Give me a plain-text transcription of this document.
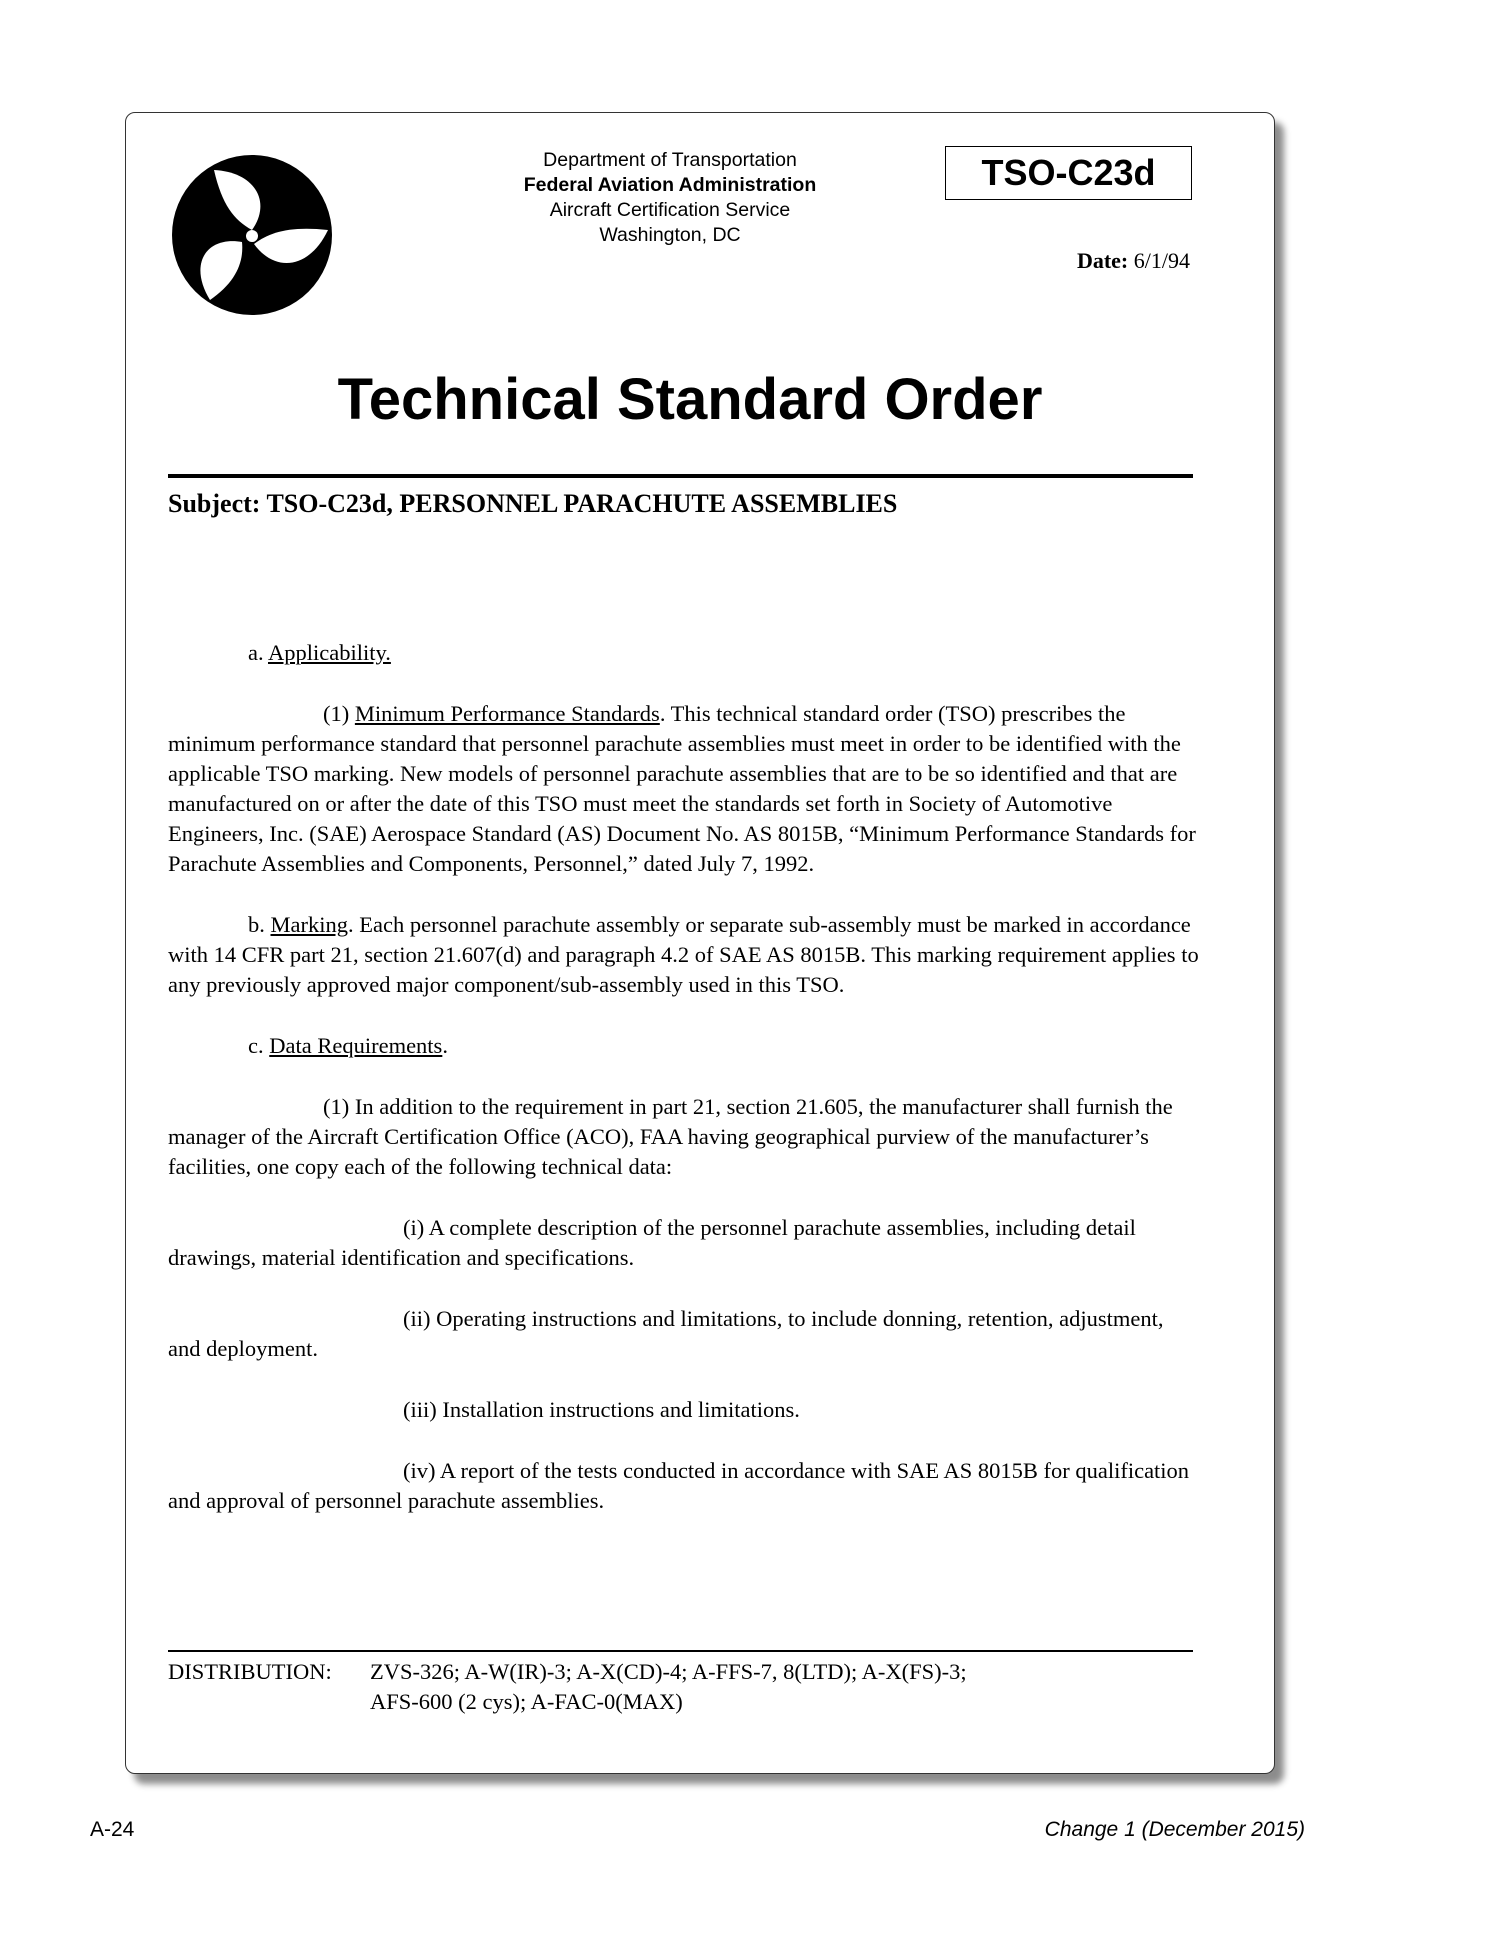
Department of Transportation
Federal Aviation Administration
Aircraft Certification Service
Washington, DC
TSO-C23d
Date: 6/1/94
Technical Standard Order
Subject: TSO-C23d, PERSONNEL PARACHUTE ASSEMBLIES

a. Applicability.

(1) Minimum Performance Standards. This technical standard order (TSO) prescribes the minimum performance standard that personnel parachute assemblies must meet in order to be identified with the applicable TSO marking. New models of personnel parachute assemblies that are to be so identified and that are manufactured on or after the date of this TSO must meet the standards set forth in Society of Automotive Engineers, Inc. (SAE) Aerospace Standard (AS) Document No. AS 8015B, “Minimum Performance Standards for Parachute Assemblies and Components, Personnel,” dated July 7, 1992.

b. Marking. Each personnel parachute assembly or separate sub-assembly must be marked in accordance with 14 CFR part 21, section 21.607(d) and paragraph 4.2 of SAE AS 8015B. This marking requirement applies to any previously approved major component/sub-assembly used in this TSO.

c. Data Requirements.

(1) In addition to the requirement in part 21, section 21.605, the manufacturer shall furnish the manager of the Aircraft Certification Office (ACO), FAA having geographical purview of the manufacturer’s facilities, one copy each of the following technical data:

(i) A complete description of the personnel parachute assemblies, including detail drawings, material identification and specifications.

(ii) Operating instructions and limitations, to include donning, retention, adjustment, and deployment.

(iii) Installation instructions and limitations.

(iv) A report of the tests conducted in accordance with SAE AS 8015B for qualification and approval of personnel parachute assemblies.

DISTRIBUTION:	ZVS-326; A-W(IR)-3; A-X(CD)-4; A-FFS-7, 8(LTD); A-X(FS)-3;
AFS-600 (2 cys); A-FAC-0(MAX)
A-24	Change 1 (December 2015)
